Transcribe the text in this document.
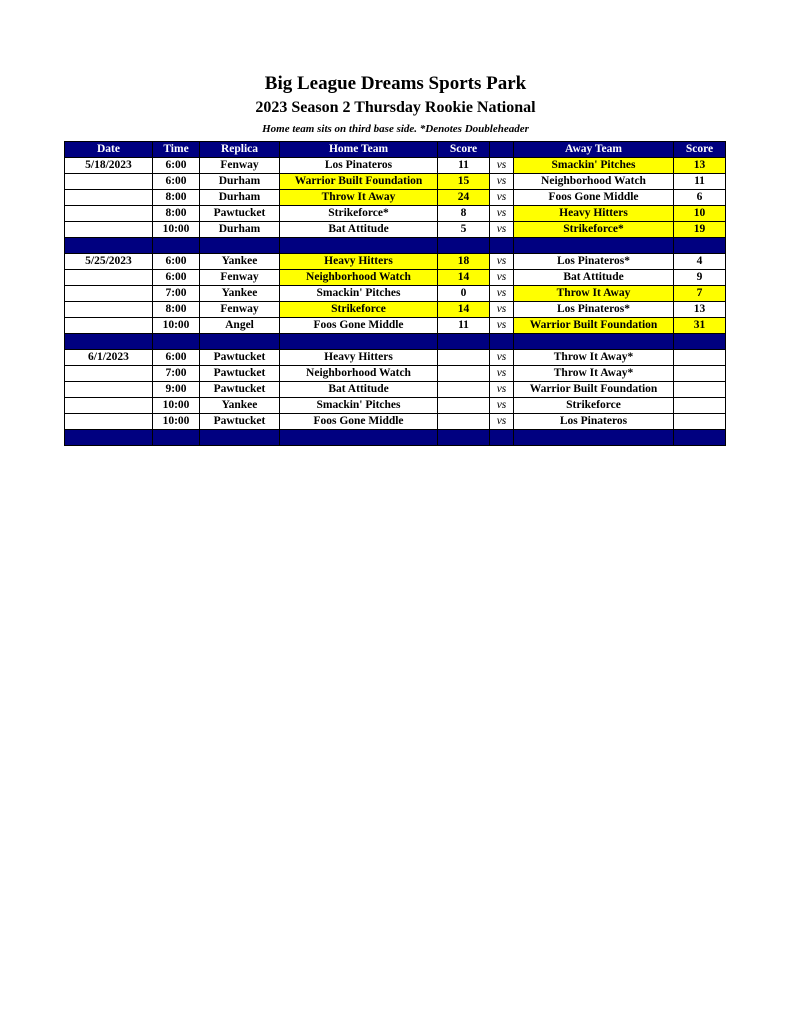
Big League Dreams Sports Park
2023 Season 2 Thursday Rookie National
Home team sits on third base side. *Denotes Doubleheader
Date	Time	Replica	Home Team	Score		Away Team	Score
5/18/2023	6:00	Fenway	Los Pinateros	11	vs	Smackin' Pitches	13
	6:00	Durham	Warrior Built Foundation	15	vs	Neighborhood Watch	11
	8:00	Durham	Throw It Away	24	vs	Foos Gone Middle	6
	8:00	Pawtucket	Strikeforce*	8	vs	Heavy Hitters	10
	10:00	Durham	Bat Attitude	5	vs	Strikeforce*	19

5/25/2023	6:00	Yankee	Heavy Hitters	18	vs	Los Pinateros*	4
	6:00	Fenway	Neighborhood Watch	14	vs	Bat Attitude	9
	7:00	Yankee	Smackin' Pitches	0	vs	Throw It Away	7
	8:00	Fenway	Strikeforce	14	vs	Los Pinateros*	13
	10:00	Angel	Foos Gone Middle	11	vs	Warrior Built Foundation	31

6/1/2023	6:00	Pawtucket	Heavy Hitters		vs	Throw It Away*	
	7:00	Pawtucket	Neighborhood Watch		vs	Throw It Away*	
	9:00	Pawtucket	Bat Attitude		vs	Warrior Built Foundation	
	10:00	Yankee	Smackin' Pitches		vs	Strikeforce	
	10:00	Pawtucket	Foos Gone Middle		vs	Los Pinateros	
